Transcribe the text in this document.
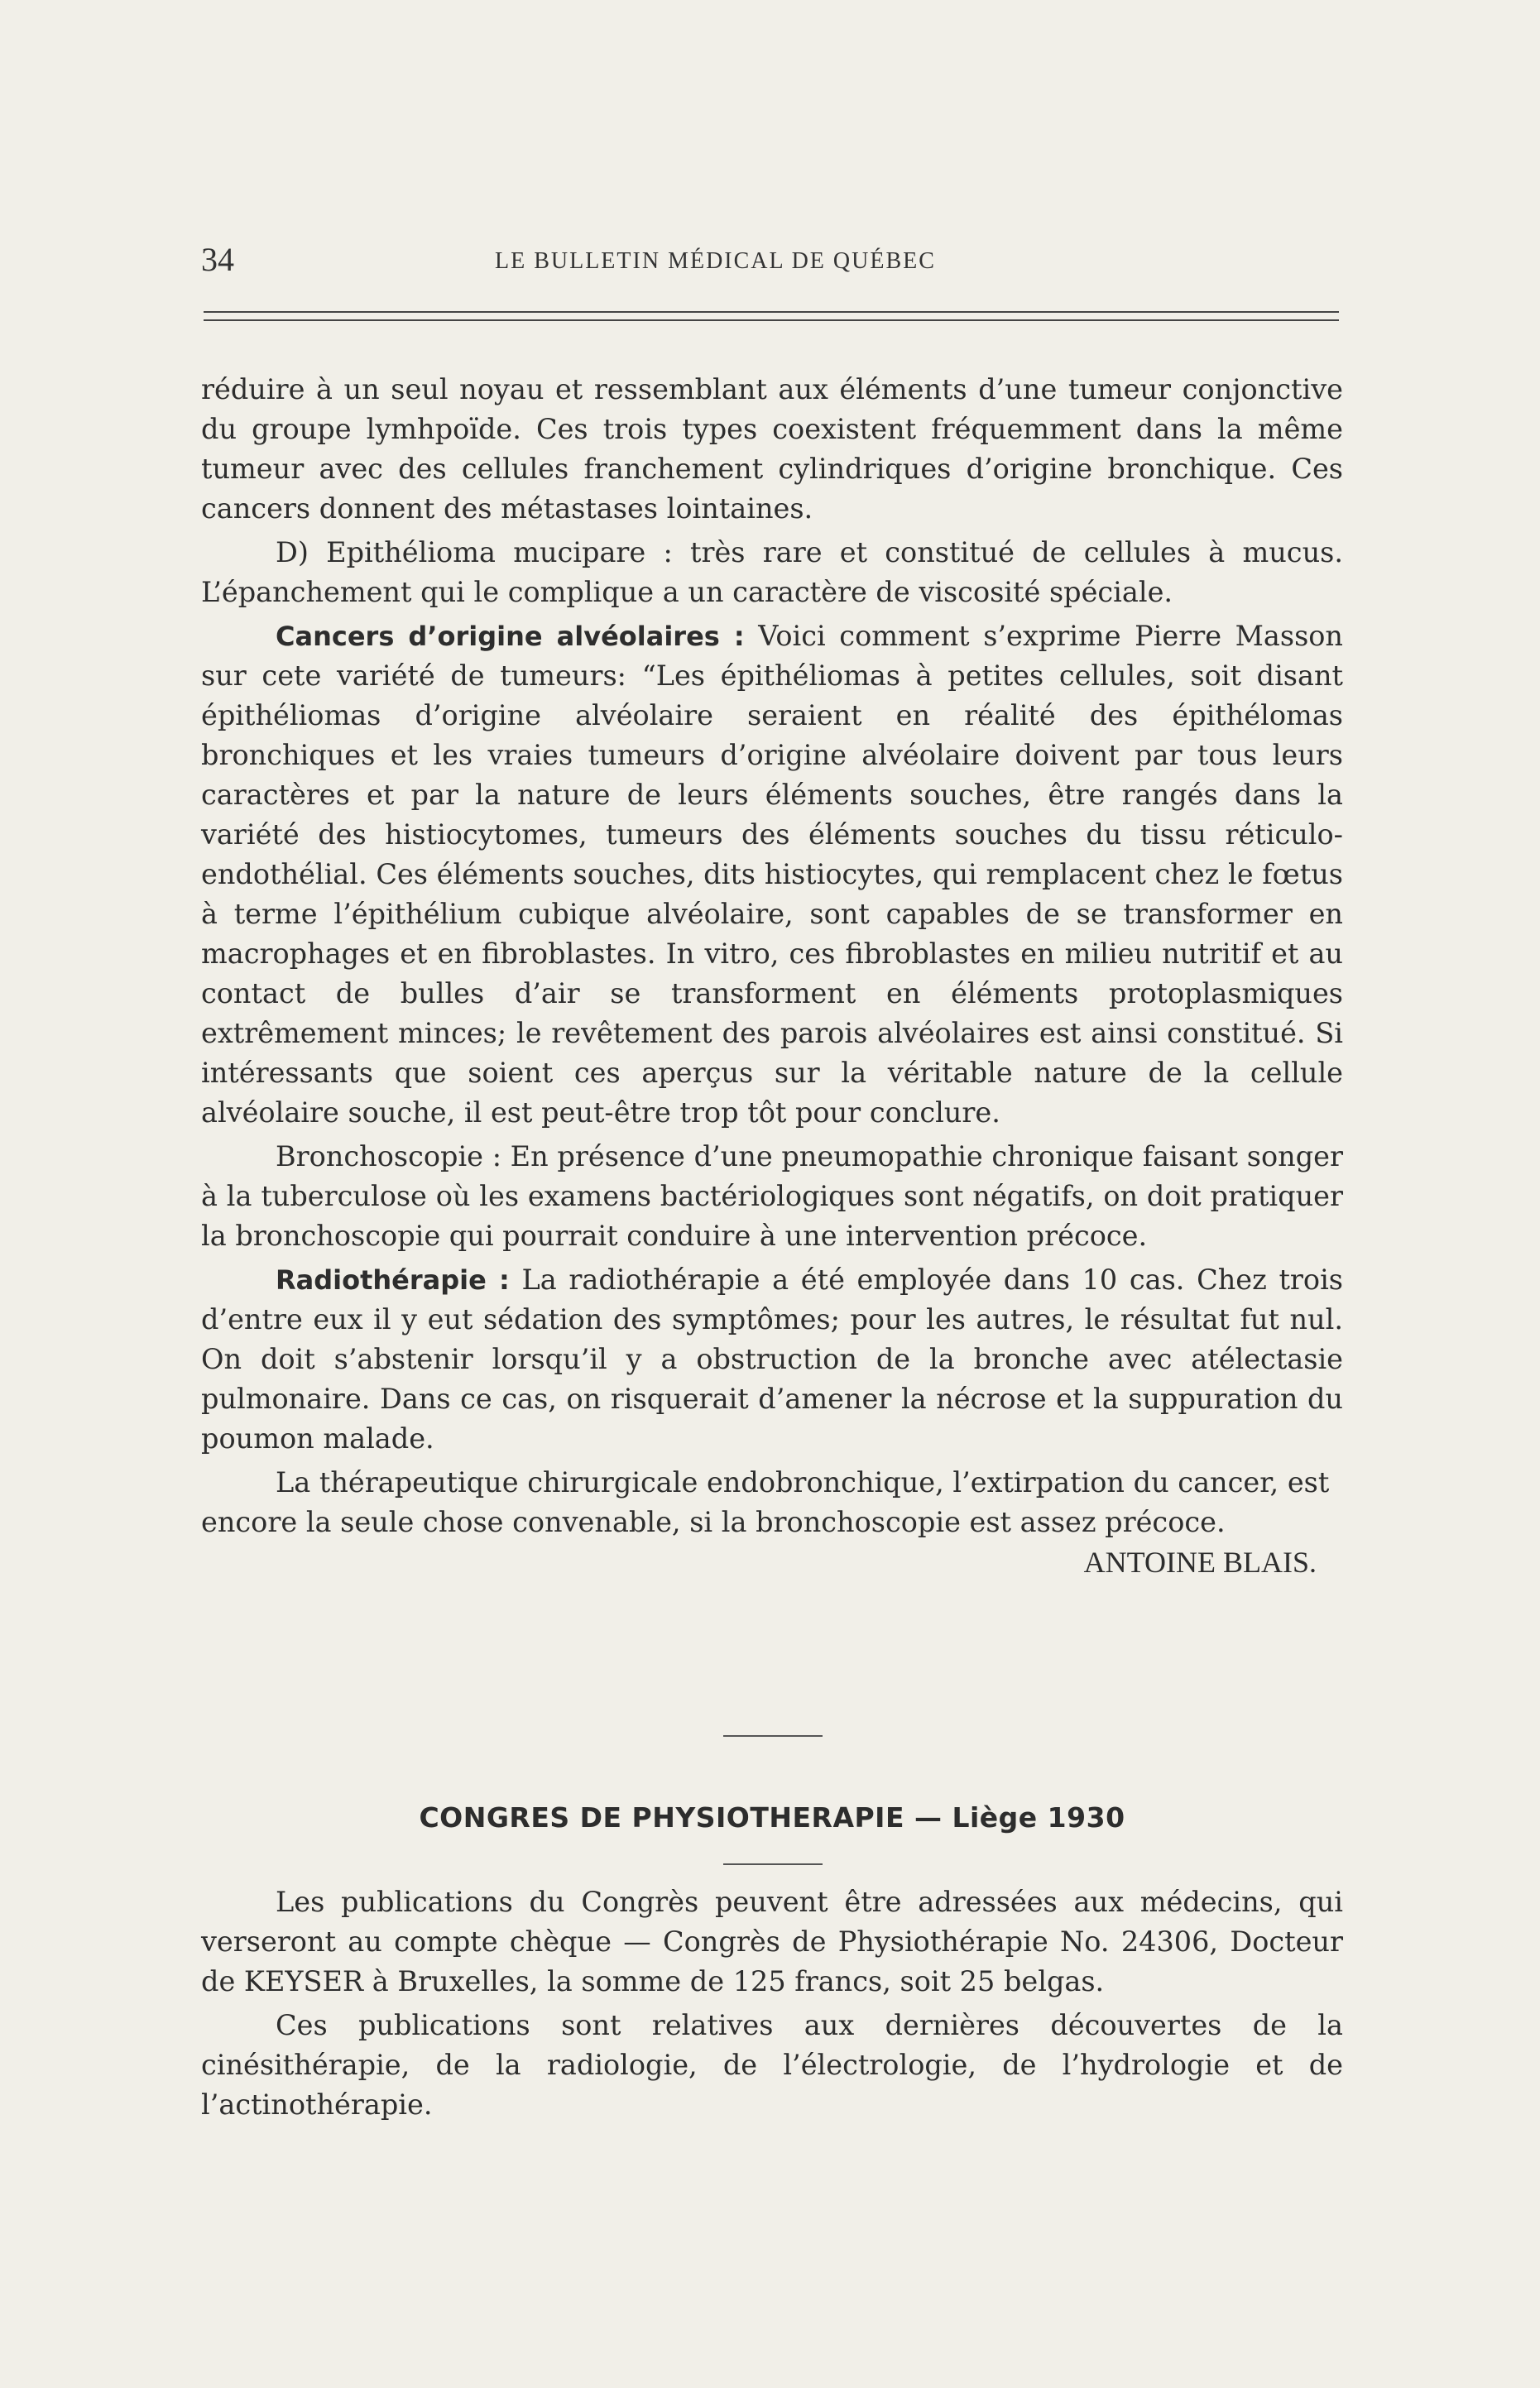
34	LE BULLETIN MÉDICAL DE QUÉBEC

réduire à un seul noyau et ressemblant aux éléments d’une tumeur conjonctive du groupe lymhpoïde. Ces trois types coexistent fréquemment dans la même tumeur avec des cellules franchement cylindriques d’origine bronchique. Ces cancers donnent des métastases lointaines.

D) Epithélioma mucipare : très rare et constitué de cellules à mucus. L’épanchement qui le complique a un caractère de viscosité spéciale.

Cancers d’origine alvéolaires : Voici comment s’exprime Pierre Masson sur cete variété de tumeurs: “Les épithéliomas à petites cellules, soit disant épithéliomas d’origine alvéolaire seraient en réalité des épithélomas bronchiques et les vraies tumeurs d’origine alvéolaire doivent par tous leurs caractères et par la nature de leurs éléments souches, être rangés dans la variété des histiocytomes, tumeurs des éléments souches du tissu réticulo-endothélial. Ces éléments souches, dits histiocytes, qui remplacent chez le fœtus à terme l’épithélium cubique alvéolaire, sont capables de se transformer en macrophages et en fibroblastes. In vitro, ces fibroblastes en milieu nutritif et au contact de bulles d’air se transforment en éléments protoplasmiques extrêmement minces; le revêtement des parois alvéolaires est ainsi constitué. Si intéressants que soient ces aperçus sur la véritable nature de la cellule alvéolaire souche, il est peut-être trop tôt pour conclure.

Bronchoscopie : En présence d’une pneumopathie chronique faisant songer à la tuberculose où les examens bactériologiques sont négatifs, on doit pratiquer la bronchoscopie qui pourrait conduire à une intervention précoce.

Radiothérapie : La radiothérapie a été employée dans 10 cas. Chez trois d’entre eux il y eut sédation des symptômes; pour les autres, le résultat fut nul. On doit s’abstenir lorsqu’il y a obstruction de la bronche avec atélectasie pulmonaire. Dans ce cas, on risquerait d’amener la nécrose et la suppuration du poumon malade.

La thérapeutique chirurgicale endobronchique, l’extirpation du cancer, est encore la seule chose convenable, si la bronchoscopie est assez précoce.
ANTOINE BLAIS.

CONGRES DE PHYSIOTHERAPIE — Liège 1930

Les publications du Congrès peuvent être adressées aux médecins, qui verseront au compte chèque — Congrès de Physiothérapie No. 24306, Docteur de KEYSER à Bruxelles, la somme de 125 francs, soit 25 belgas.

Ces publications sont relatives aux dernières découvertes de la cinésithérapie, de la radiologie, de l’électrologie, de l’hydrologie et de l’actinothérapie.
